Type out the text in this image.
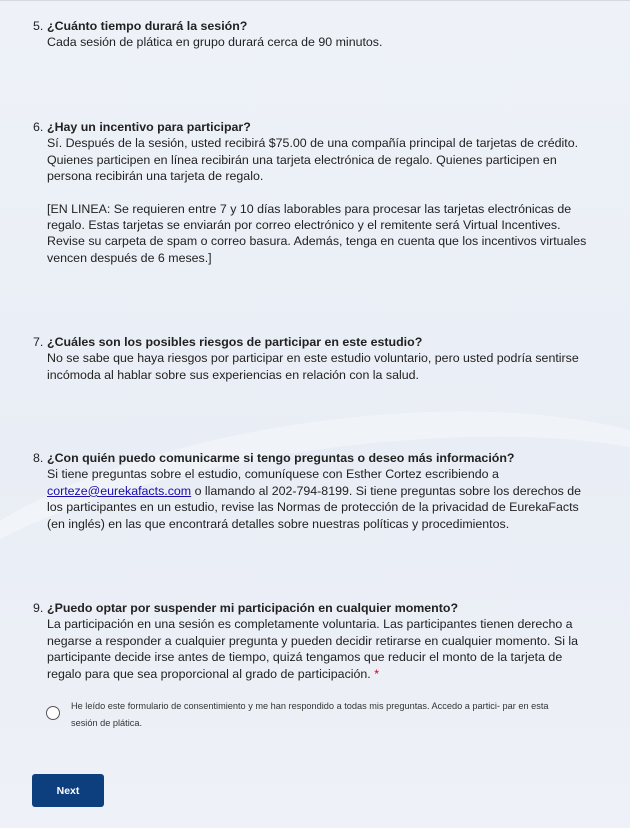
5. ¿Cuánto tiempo durará la sesión?

Cada sesión de plática en grupo durará cerca de 90 minutos.

6. ¿Hay un incentivo para participar?

Sí. Después de la sesión, usted recibirá $75.00 de una compañía principal de tarjetas de crédito. Quienes participen en línea recibirán una tarjeta electrónica de regalo. Quienes participen en persona recibirán una tarjeta de regalo.

[EN LINEA: Se requieren entre 7 y 10 días laborables para procesar las tarjetas electrónicas de regalo. Estas tarjetas se enviarán por correo electrónico y el remitente será Virtual Incentives. Revise su carpeta de spam o correo basura. Además, tenga en cuenta que los incentivos virtuales vencen después de 6 meses.]

7. ¿Cuáles son los posibles riesgos de participar en este estudio?

No se sabe que haya riesgos por participar en este estudio voluntario, pero usted podría sentirse incómoda al hablar sobre sus experiencias en relación con la salud.

8. ¿Con quién puedo comunicarme si tengo preguntas o deseo más información?

Si tiene preguntas sobre el estudio, comuníquese con Esther Cortez escribiendo a corteze@eurekafacts.com o llamando al 202-794-8199. Si tiene preguntas sobre los derechos de los participantes en un estudio, revise las Normas de protección de la privacidad de EurekaFacts (en inglés) en las que encontrará detalles sobre nuestras políticas y procedimientos.

9. ¿Puedo optar por suspender mi participación en cualquier momento?

La participación en una sesión es completamente voluntaria. Las participantes tienen derecho a negarse a responder a cualquier pregunta y pueden decidir retirarse en cualquier momento. Si la participante decide irse antes de tiempo, quizá tengamos que reducir el monto de la tarjeta de regalo para que sea proporcional al grado de participación. *

He leído este formulario de consentimiento y me han respondido a todas mis preguntas. Accedo a partici- par en esta sesión de plática.
Next
